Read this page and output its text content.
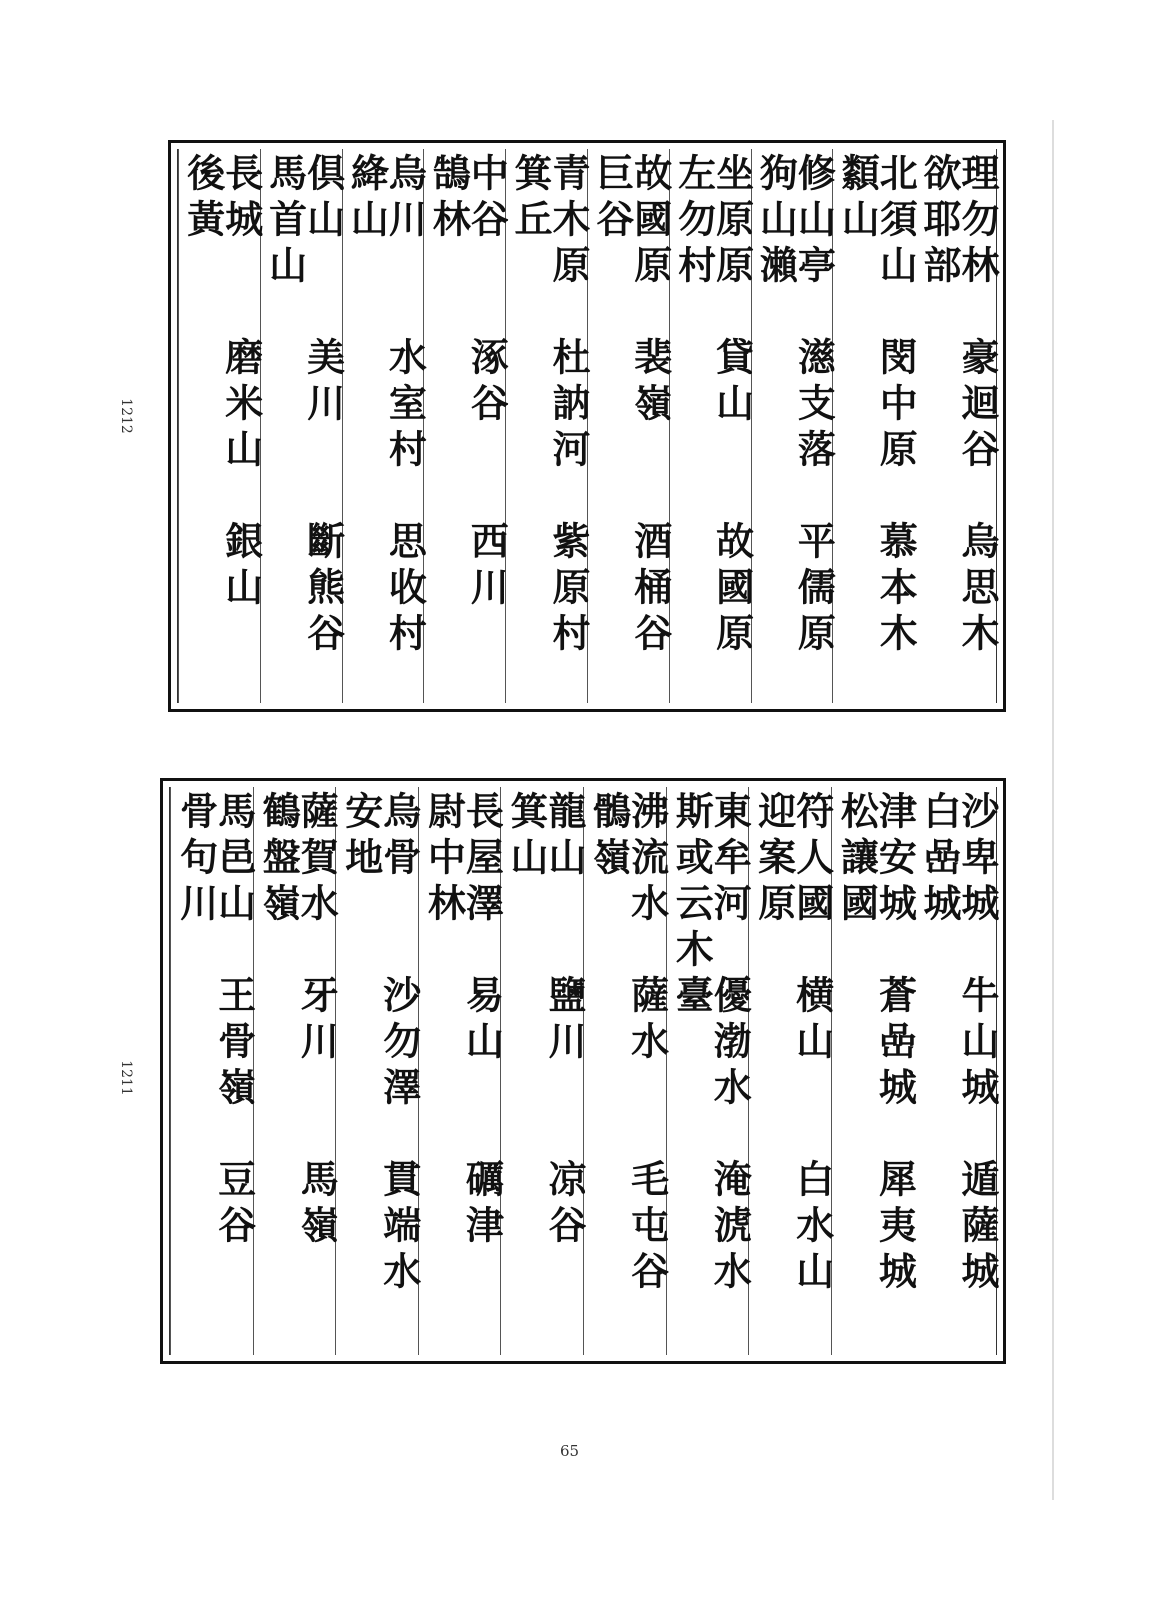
1212
1211
理勿林　豪迴谷　烏思木　欲耶部
北須山　閔中原　慕本木　纇山
修山亭　濨支落　平儒原　狗山瀨
坐原原　貸山　　故國原　左勿村
故國原　裴嶺　　酒桶谷　巨谷
青木原　杜訥河　紫原村　箕丘
中谷　　涿谷　　西川　　鵠林
烏川　　水室村　思收村　絳山
倶山　　美川　　斷熊谷　馬首山
長城　　磨米山　銀山　　後黃
沙卑城　牛山城　遁薩城　白嵒城
津安城　蒼嵒城　犀夷城　松讓國
符人國　横山　　白水山　迎案原
東牟河　優渤水　淹淲水　斯或云木臺
沸流水　薩水　　毛屯谷　鶻嶺
龍山　　鹽川　　凉谷　　箕山
長屋澤　易山　　礪津　　尉中林
烏骨　　沙勿澤　貫端水　安地
薩賀水　牙川　　馬嶺　　鶴盤嶺
馬邑山　王骨嶺　豆谷　　骨句川
65
